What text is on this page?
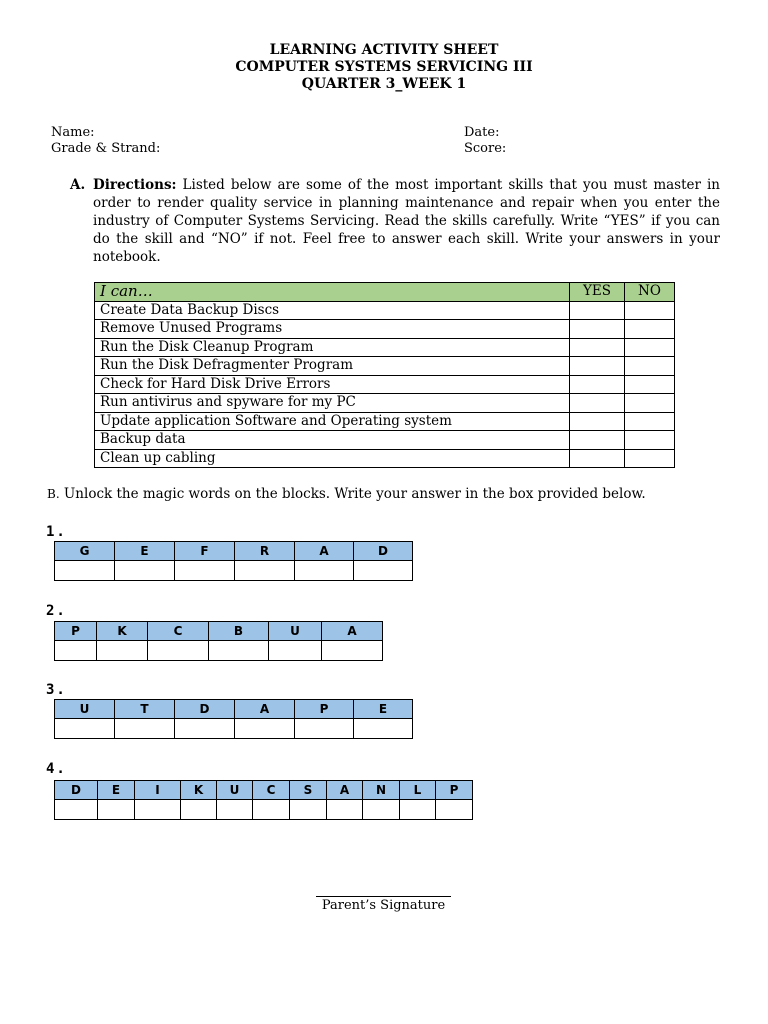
LEARNING ACTIVITY SHEET
COMPUTER SYSTEMS SERVICING III
QUARTER 3_WEEK 1
Name:
Grade & Strand:
Date:
Score:
A. Directions: Listed below are some of the most important skills that you must master in order to render quality service in planning maintenance and repair when you enter the industry of Computer Systems Servicing. Read the skills carefully. Write “YES” if you can do the skill and “NO” if not. Feel free to answer each skill. Write your answers in your notebook.
I can…	YES	NO
Create Data Backup Discs		
Remove Unused Programs		
Run the Disk Cleanup Program		
Run the Disk Defragmenter Program		
Check for Hard Disk Drive Errors		
Run antivirus and spyware for my PC		
Update application Software and Operating system		
Backup data		
Clean up cabling		
B. Unlock the magic words on the blocks. Write your answer in the box provided below.
1.
G	E	F	R	A	D

2.
P	K	C	B	U	A

3.
U	T	D	A	P	E

4.
D	E	I	K	U	C	S	A	N	L	P

Parent’s Signature
